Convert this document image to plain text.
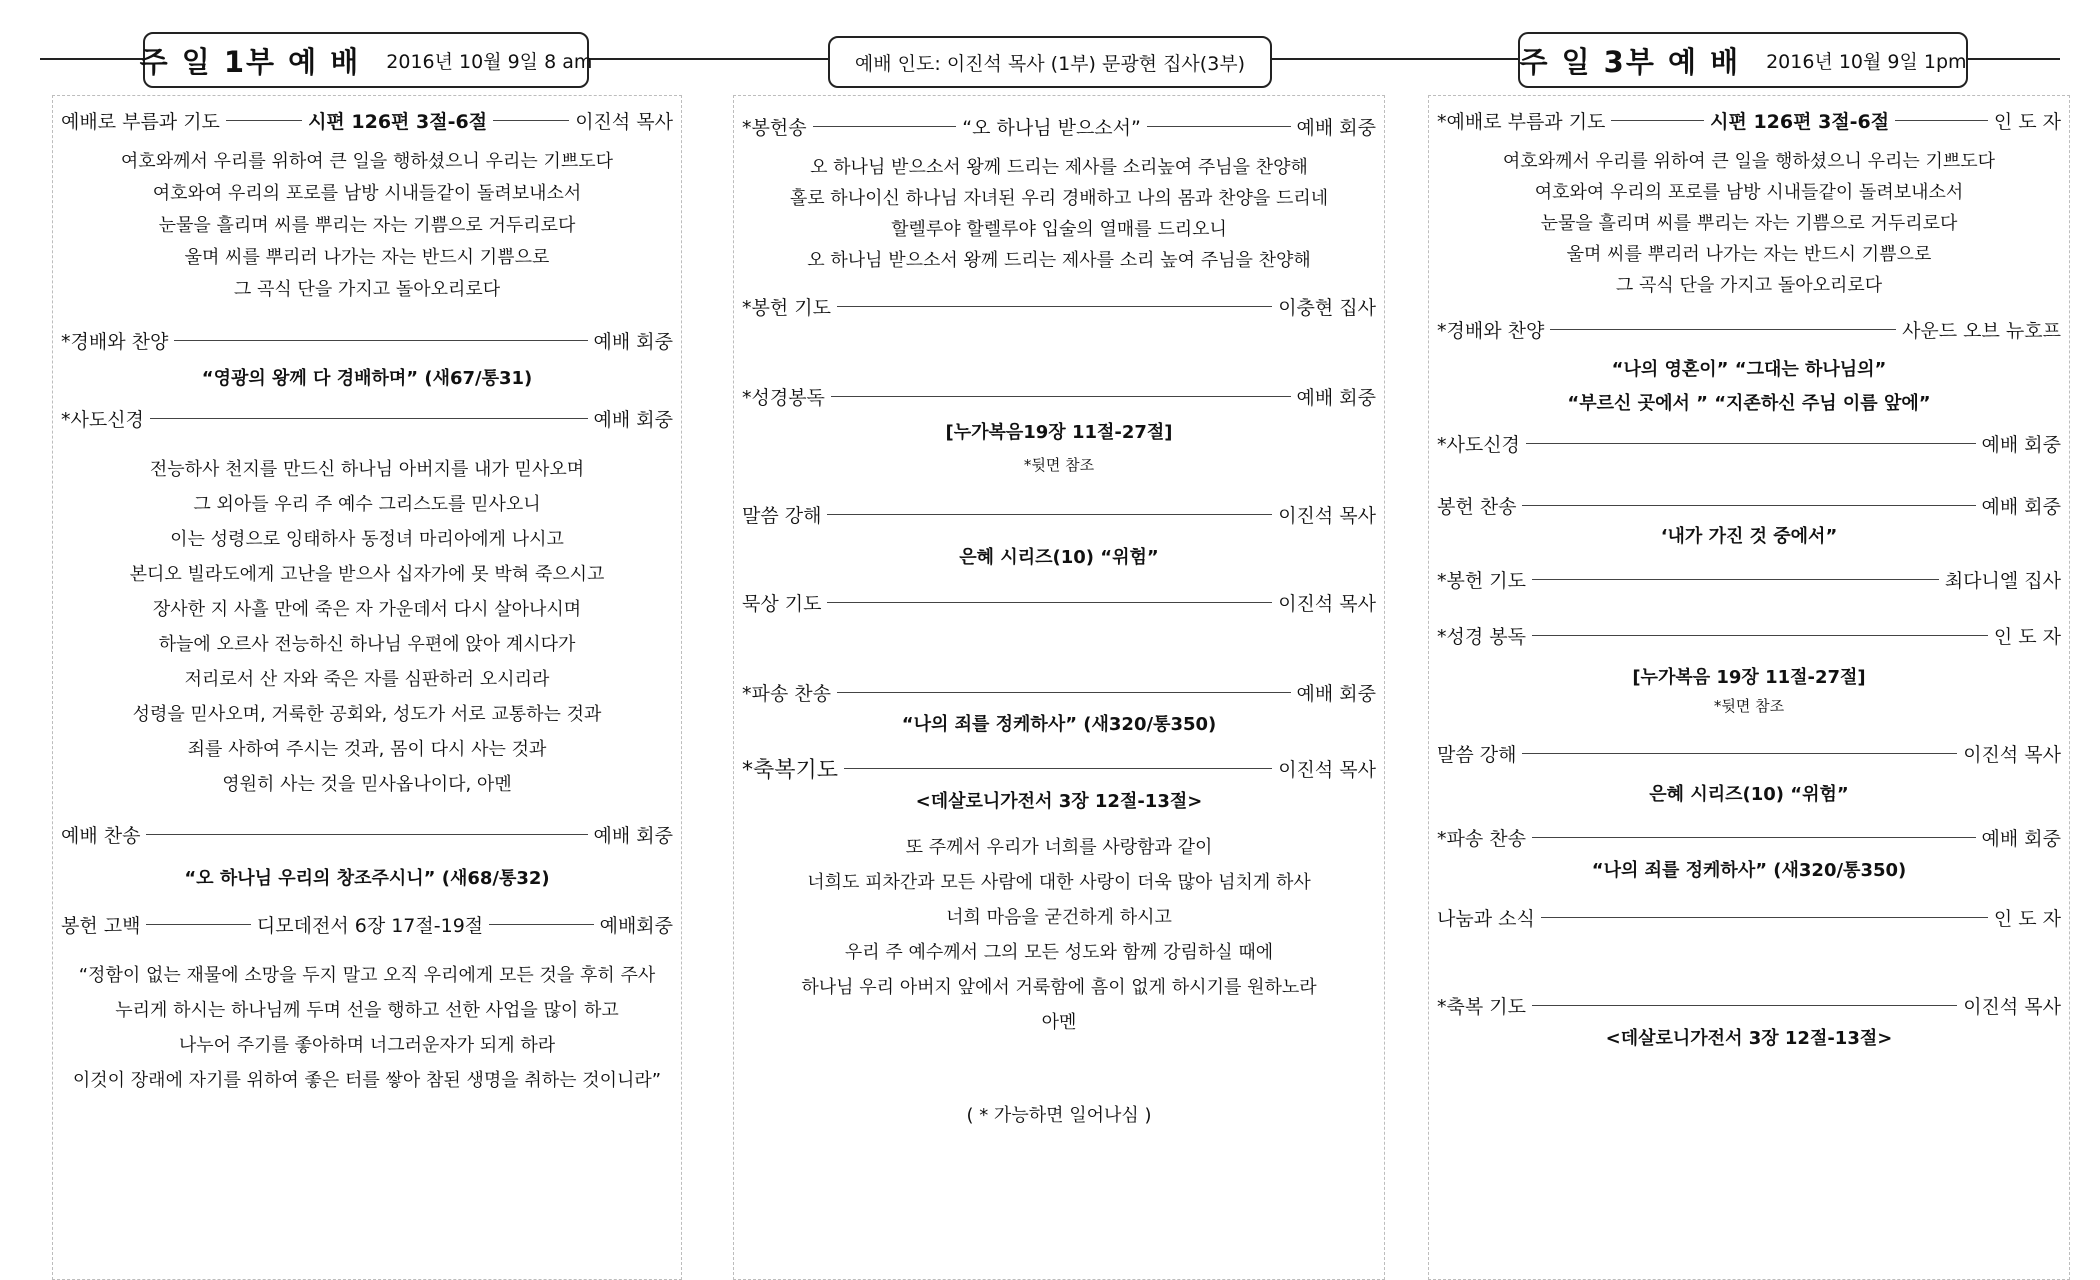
주 일 1부 예 배 2016년 10월 9일 8 am	예배 인도: 이진석 목사 (1부) 문광현 집사(3부)	주 일 3부 예 배 2016년 10월 9일 1pm
예배로 부름과 기도	시편 126편 3절-6절	이진석 목사
여호와께서 우리를 위하여 큰 일을 행하셨으니 우리는 기쁘도다
여호와여 우리의 포로를 남방 시내들같이 돌려보내소서
눈물을 흘리며 씨를 뿌리는 자는 기쁨으로 거두리로다
울며 씨를 뿌리러 나가는 자는 반드시 기쁨으로
그 곡식 단을 가지고 돌아오리로다
*경배와 찬양	예배 회중
“영광의 왕께 다 경배하며” (새67/통31)
*사도신경	예배 회중
전능하사 천지를 만드신 하나님 아버지를 내가 믿사오며
그 외아들 우리 주 예수 그리스도를 믿사오니
이는 성령으로 잉태하사 동정녀 마리아에게 나시고
본디오 빌라도에게 고난을 받으사 십자가에 못 박혀 죽으시고
장사한 지 사흘 만에 죽은 자 가운데서 다시 살아나시며
하늘에 오르사 전능하신 하나님 우편에 앉아 계시다가
저리로서 산 자와 죽은 자를 심판하러 오시리라
성령을 믿사오며, 거룩한 공회와, 성도가 서로 교통하는 것과
죄를 사하여 주시는 것과, 몸이 다시 사는 것과
영원히 사는 것을 믿사옵나이다, 아멘
예배 찬송	예배 회중
“오 하나님 우리의 창조주시니” (새68/통32)
봉헌 고백	디모데전서 6장 17절-19절	예배회중
“정함이 없는 재물에 소망을 두지 말고 오직 우리에게 모든 것을 후히 주사
누리게 하시는 하나님께 두며 선을 행하고 선한 사업을 많이 하고
나누어 주기를 좋아하며 너그러운자가 되게 하라
이것이 장래에 자기를 위하여 좋은 터를 쌓아 참된 생명을 취하는 것이니라”
*봉헌송	“오 하나님 받으소서”	예배 회중
오 하나님 받으소서 왕께 드리는 제사를 소리높여 주님을 찬양해
홀로 하나이신 하나님 자녀된 우리 경배하고 나의 몸과 찬양을 드리네
할렐루야 할렐루야 입술의 열매를 드리오니
오 하나님 받으소서 왕께 드리는 제사를 소리 높여 주님을 찬양해
*봉헌 기도	이충현 집사
*성경봉독	예배 회중
[누가복음19장 11절-27절]
*뒷면 참조
말씀 강해	이진석 목사
은혜 시리즈(10) “위험”
묵상 기도	이진석 목사
*파송 찬송	예배 회중
“나의 죄를 정케하사” (새320/통350)
*축복기도	이진석 목사
<데살로니가전서 3장 12절-13절>
또 주께서 우리가 너희를 사랑함과 같이
너희도 피차간과 모든 사람에 대한 사랑이 더욱 많아 넘치게 하사
너희 마음을 굳건하게 하시고
우리 주 예수께서 그의 모든 성도와 함께 강림하실 때에
하나님 우리 아버지 앞에서 거룩함에 흠이 없게 하시기를 원하노라
아멘
( * 가능하면 일어나심 )
*예배로 부름과 기도	시편 126편 3절-6절	인 도 자
여호와께서 우리를 위하여 큰 일을 행하셨으니 우리는 기쁘도다
여호와여 우리의 포로를 남방 시내들같이 돌려보내소서
눈물을 흘리며 씨를 뿌리는 자는 기쁨으로 거두리로다
울며 씨를 뿌리러 나가는 자는 반드시 기쁨으로
그 곡식 단을 가지고 돌아오리로다
*경배와 찬양	사운드 오브 뉴호프
“나의 영혼이” “그대는 하나님의”
“부르신 곳에서 ” “지존하신 주님 이름 앞에”
*사도신경	예배 회중
봉헌 찬송	예배 회중
‘내가 가진 것 중에서”
*봉헌 기도	최다니엘 집사
*성경 봉독	인 도 자
[누가복음 19장 11절-27절]
*뒷면 참조
말씀 강해	이진석 목사
은혜 시리즈(10) “위험”
*파송 찬송	예배 회중
“나의 죄를 정케하사” (새320/통350)
나눔과 소식	인 도 자
*축복 기도	이진석 목사
<데살로니가전서 3장 12절-13절>
